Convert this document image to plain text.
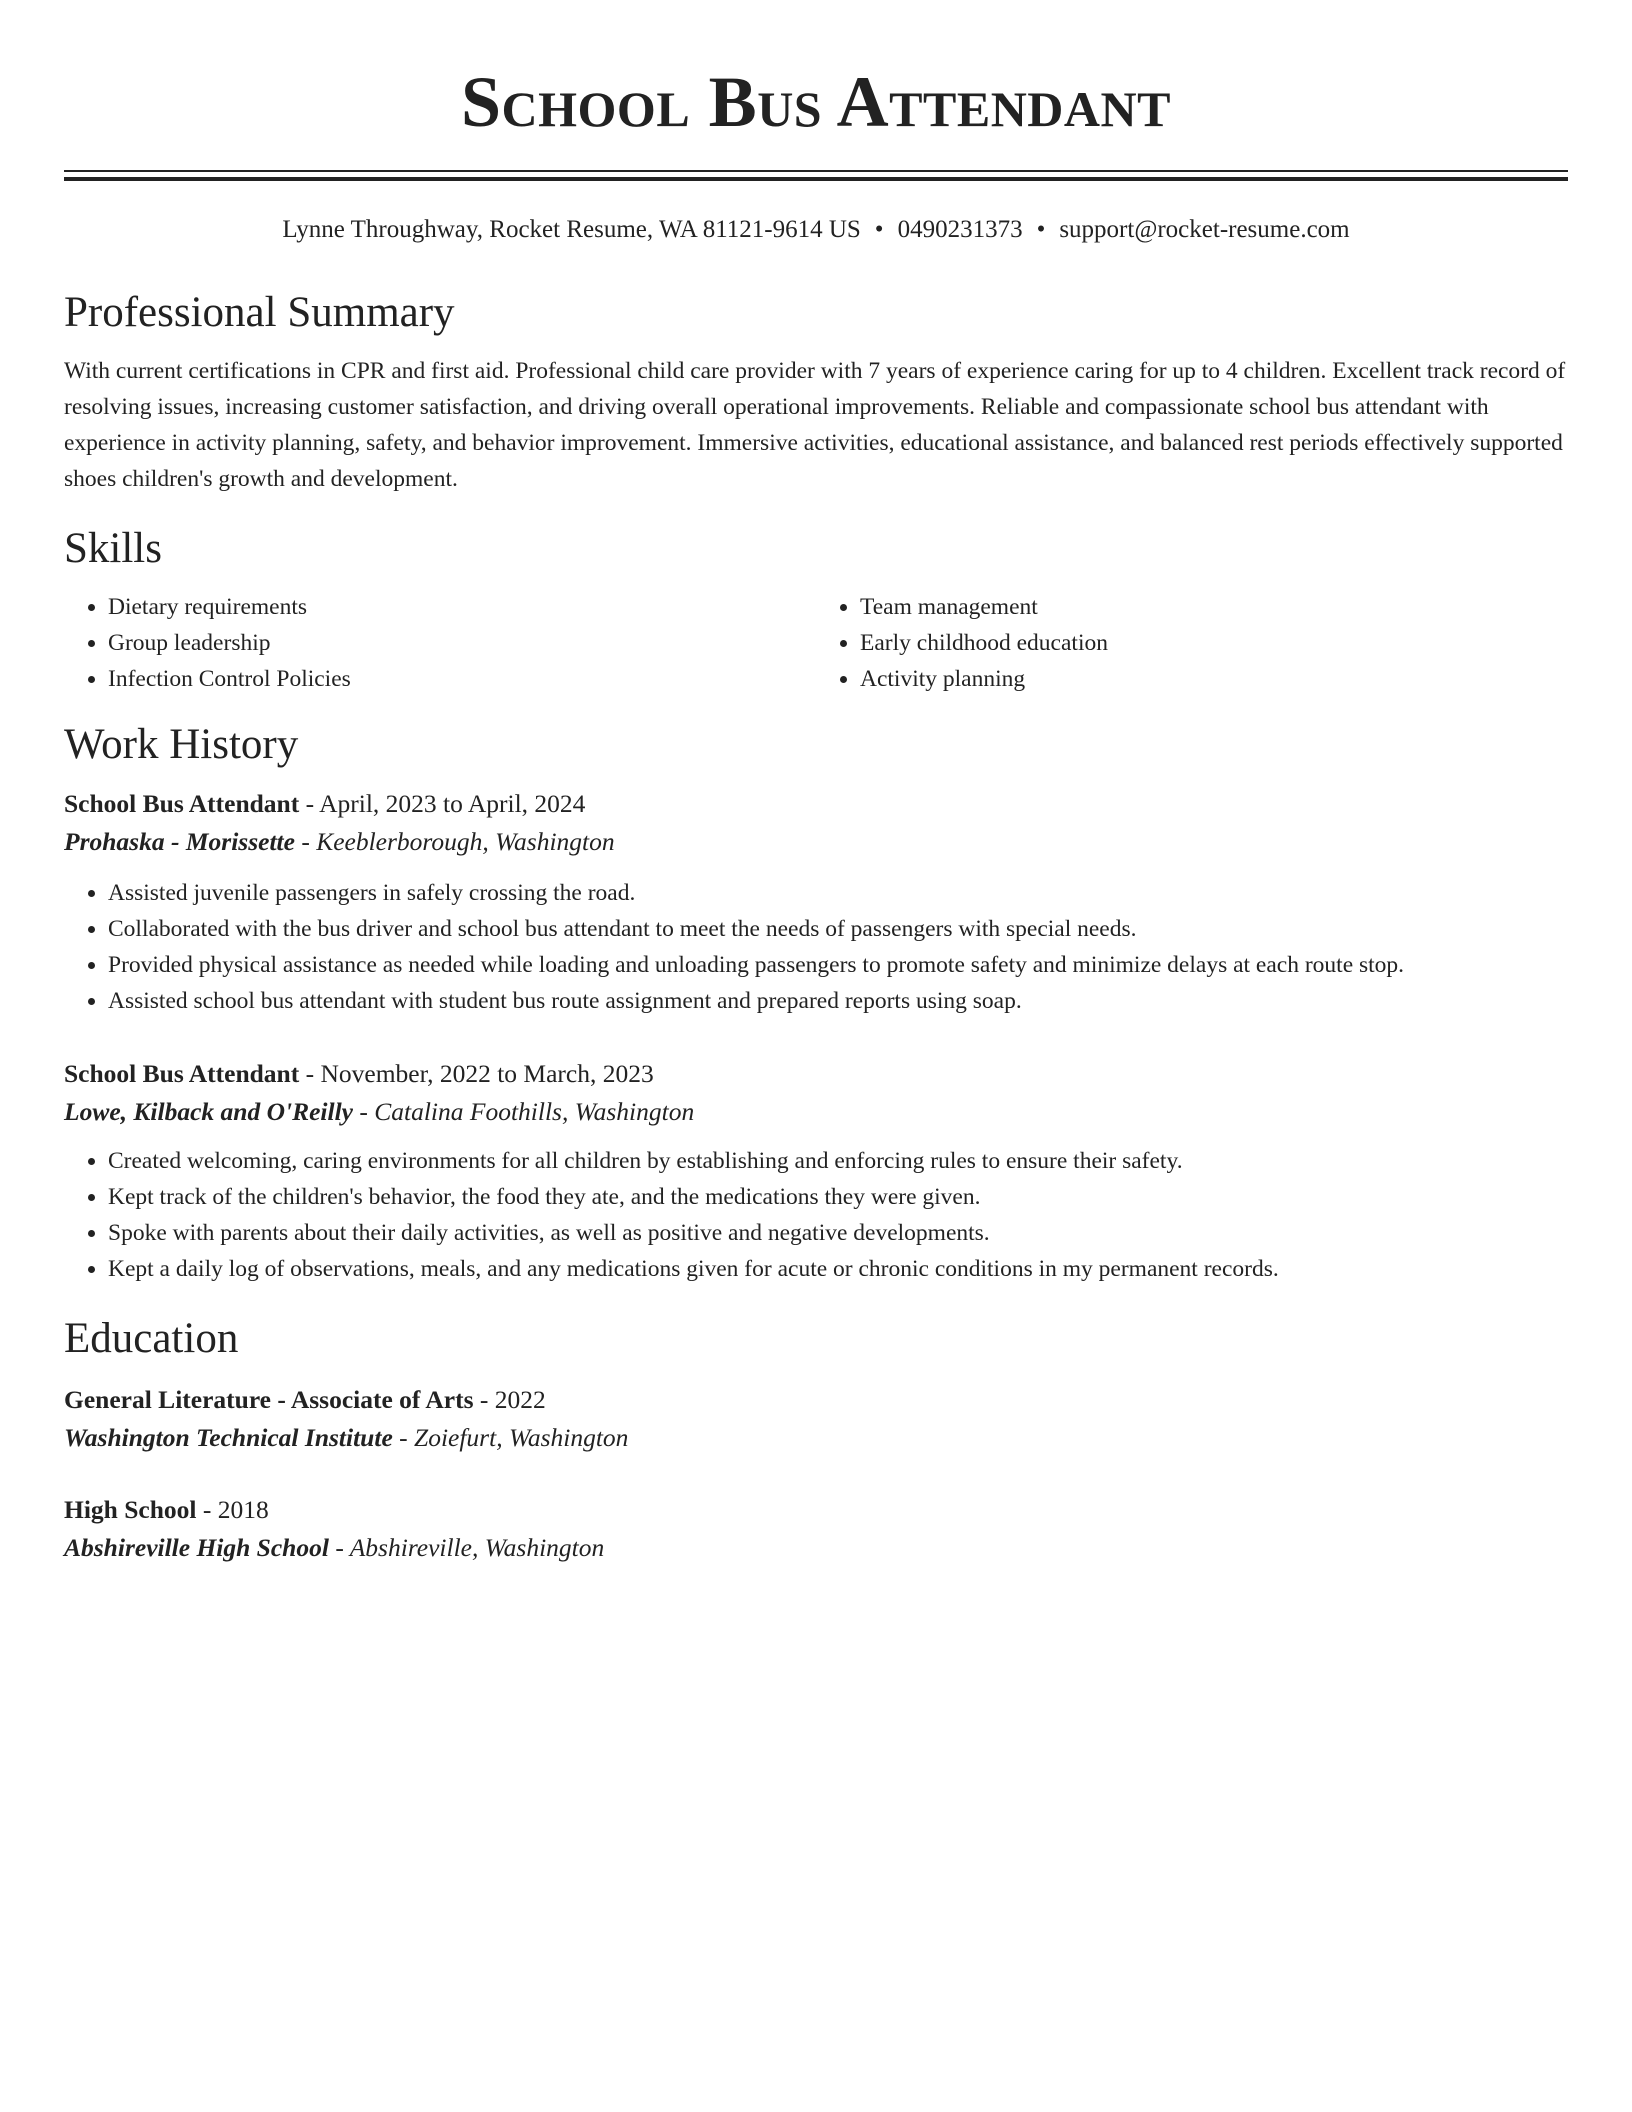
School Bus Attendant
Lynne Throughway, Rocket Resume, WA 81121-9614 US • 0490231373 • support@rocket-resume.com
Professional Summary

With current certifications in CPR and first aid. Professional child care provider with 7 years of experience caring for up to 4 children. Excellent track record of resolving issues, increasing customer satisfaction, and driving overall operational improvements. Reliable and compassionate school bus attendant with experience in activity planning, safety, and behavior improvement. Immersive activities, educational assistance, and balanced rest periods effectively supported shoes children's growth and development.

Skills
• Dietary requirements
• Group leadership
• Infection Control Policies
• Team management
• Early childhood education
• Activity planning
Work History
School Bus Attendant - April, 2023 to April, 2024
Prohaska - Morissette - Keeblerborough, Washington
• Assisted juvenile passengers in safely crossing the road.
• Collaborated with the bus driver and school bus attendant to meet the needs of passengers with special needs.
• Provided physical assistance as needed while loading and unloading passengers to promote safety and minimize delays at each route stop.
• Assisted school bus attendant with student bus route assignment and prepared reports using soap.
School Bus Attendant - November, 2022 to March, 2023
Lowe, Kilback and O'Reilly - Catalina Foothills, Washington
• Created welcoming, caring environments for all children by establishing and enforcing rules to ensure their safety.
• Kept track of the children's behavior, the food they ate, and the medications they were given.
• Spoke with parents about their daily activities, as well as positive and negative developments.
• Kept a daily log of observations, meals, and any medications given for acute or chronic conditions in my permanent records.
Education
General Literature - Associate of Arts - 2022
Washington Technical Institute - Zoiefurt, Washington
High School - 2018
Abshireville High School - Abshireville, Washington
